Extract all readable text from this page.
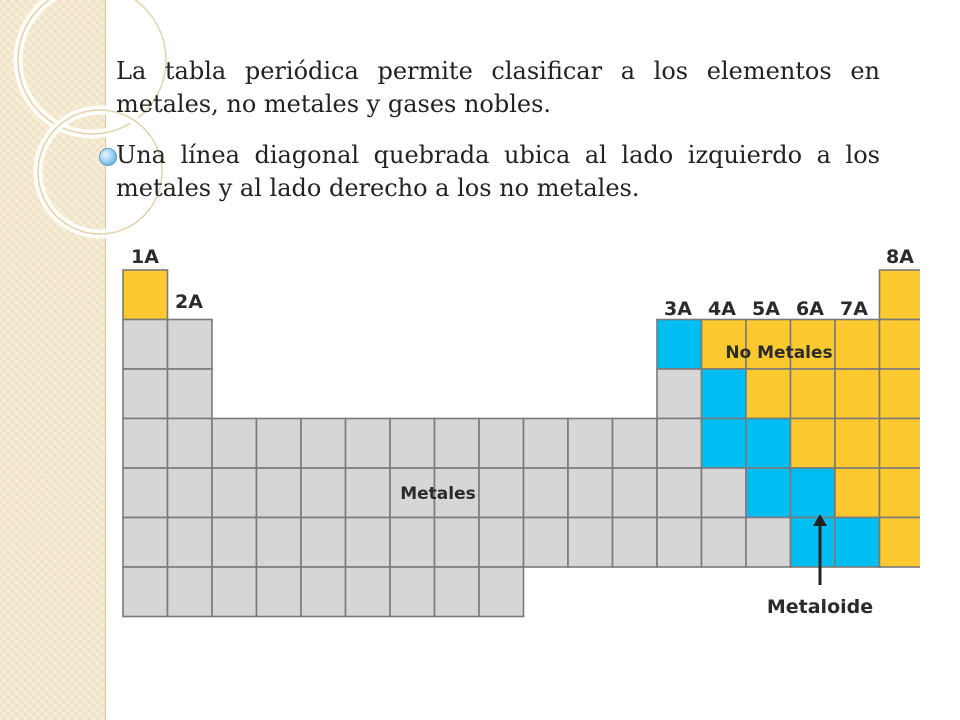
La tabla periódica permite clasificar a los elementos en metales, no metales y gases nobles.

Una línea diagonal quebrada ubica al lado izquierdo a los metales y al lado derecho a los no metales.

1A
2A	3A 4A 5A 6A 7A
8A
No Metales
Metales
Metaloide
